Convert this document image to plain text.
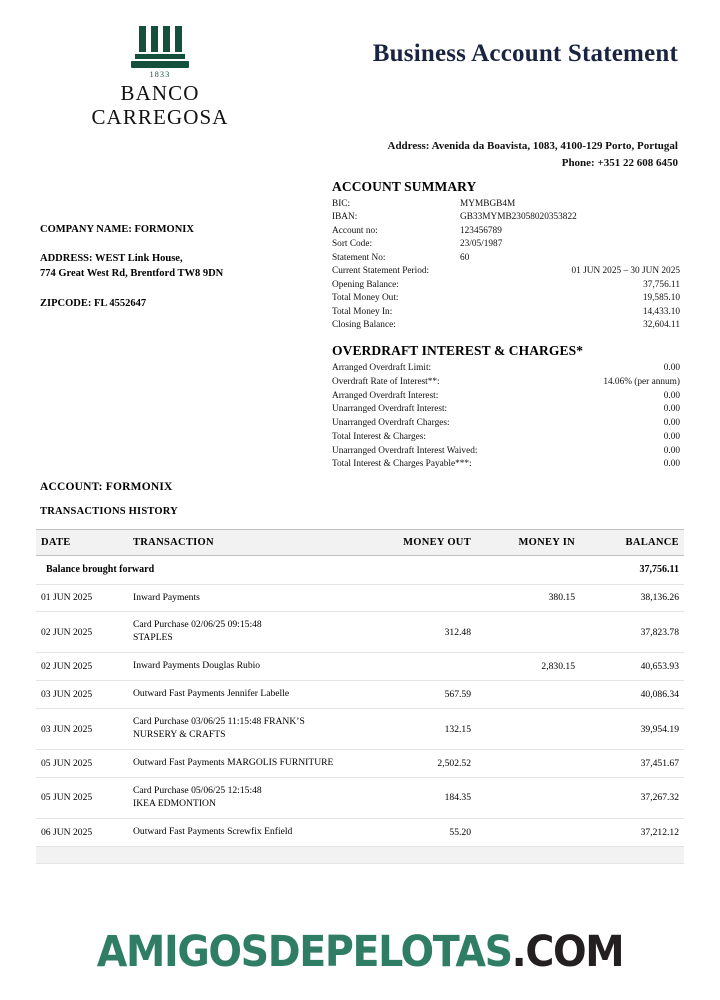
1833
BANCO
CARREGOSA
Business Account Statement
Address: Avenida da Boavista, 1083, 4100-129 Porto, Portugal
Phone: +351 22 608 6450
COMPANY NAME: FORMONIX
ADDRESS: WEST Link House,
774 Great West Rd, Brentford TW8 9DN
ZIPCODE: FL 4552647
ACCOUNT SUMMARY
BIC:	MYMBGB4M
IBAN:	GB33MYMB23058020353822
Account no:	123456789
Sort Code:	23/05/1987
Statement No:	60
Current Statement Period:	01 JUN 2025 – 30 JUN 2025
Opening Balance:	37,756.11
Total Money Out:	19,585.10
Total Money In:	14,433.10
Closing Balance:	32,604.11
OVERDRAFT INTEREST & CHARGES*
Arranged Overdraft Limit:	0.00
Overdraft Rate of Interest**:	14.06% (per annum)
Arranged Overdraft Interest:	0.00
Unarranged Overdraft Interest:	0.00
Unarranged Overdraft Charges:	0.00
Total Interest & Charges:	0.00
Unarranged Overdraft Interest Waived:	0.00
Total Interest & Charges Payable***:	0.00
ACCOUNT: FORMONIX
TRANSACTIONS HISTORY
DATE	TRANSACTION	MONEY OUT	MONEY IN	BALANCE
Balance brought forward				37,756.11
01 JUN 2025	Inward Payments		380.15	38,136.26
02 JUN 2025	Card Purchase 02/06/25 09:15:48
STAPLES	312.48		37,823.78
02 JUN 2025	Inward Payments Douglas Rubio		2,830.15	40,653.93
03 JUN 2025	Outward Fast Payments Jennifer Labelle	567.59		40,086.34
03 JUN 2025	Card Purchase 03/06/25 11:15:48 FRANK’S
NURSERY & CRAFTS	132.15		39,954.19
05 JUN 2025	Outward Fast Payments MARGOLIS FURNITURE	2,502.52		37,451.67
05 JUN 2025	Card Purchase 05/06/25 12:15:48
IKEA EDMONTION	184.35		37,267.32
06 JUN 2025	Outward Fast Payments Screwfix Enfield	55.20		37,212.12

AMIGOSDEPELOTAS.COM
